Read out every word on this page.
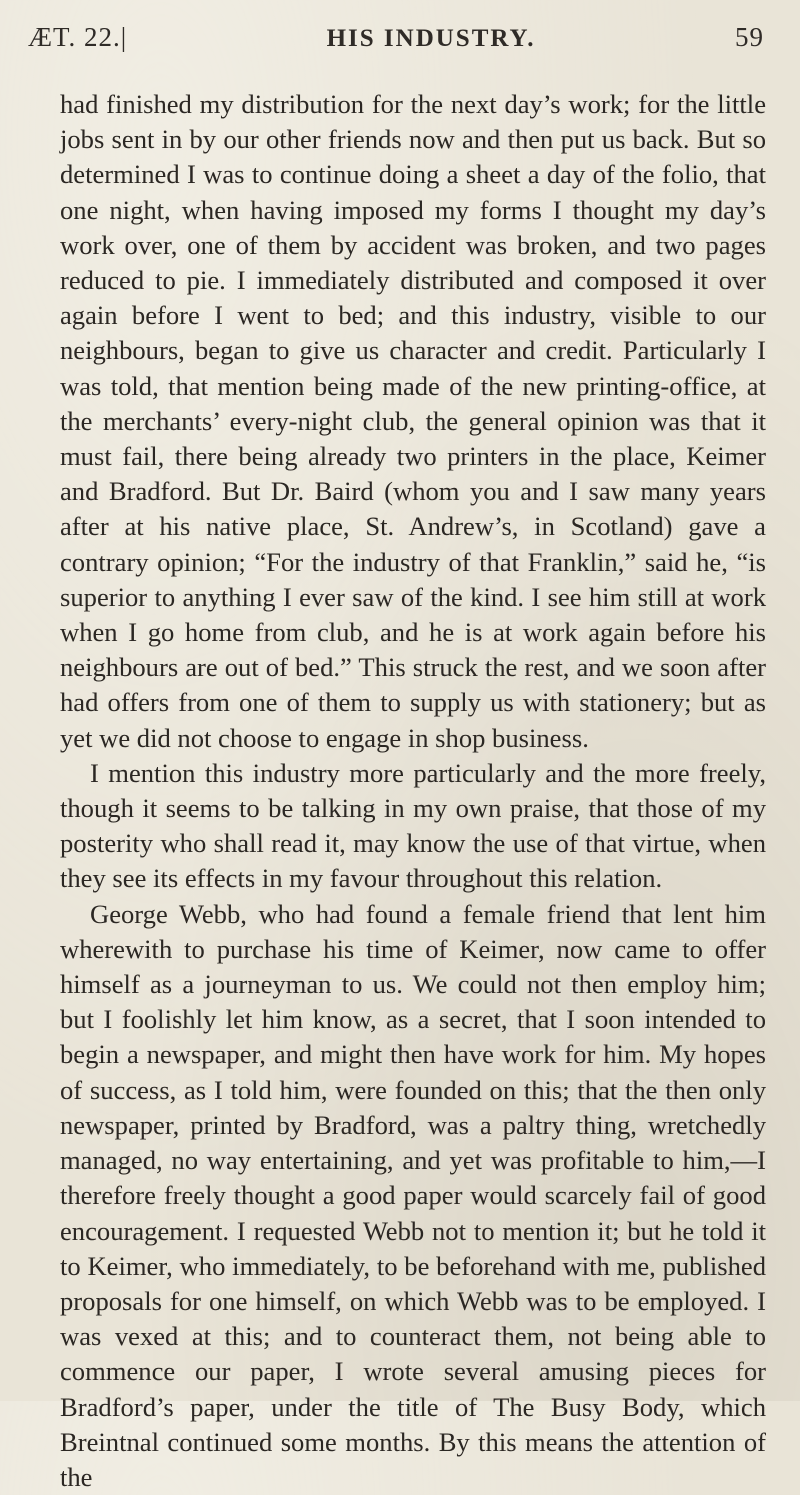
ÆT. 22.|	HIS INDUSTRY.	59

had finished my distribution for the next day’s work; for the little jobs sent in by our other friends now and then put us back. But so determined I was to continue doing a sheet a day of the folio, that one night, when having imposed my forms I thought my day’s work over, one of them by accident was broken, and two pages reduced to pie. I immediately distributed and composed it over again before I went to bed; and this industry, visible to our neighbours, began to give us character and credit. Particularly I was told, that mention being made of the new printing-office, at the merchants’ every-night club, the general opinion was that it must fail, there being already two printers in the place, Keimer and Bradford. But Dr. Baird (whom you and I saw many years after at his native place, St. Andrew’s, in Scotland) gave a contrary opinion; “For the industry of that Franklin,” said he, “is superior to anything I ever saw of the kind. I see him still at work when I go home from club, and he is at work again before his neighbours are out of bed.” This struck the rest, and we soon after had offers from one of them to supply us with stationery; but as yet we did not choose to engage in shop business.

I mention this industry more particularly and the more freely, though it seems to be talking in my own praise, that those of my posterity who shall read it, may know the use of that virtue, when they see its effects in my favour throughout this relation.

George Webb, who had found a female friend that lent him wherewith to purchase his time of Keimer, now came to offer himself as a journeyman to us. We could not then employ him; but I foolishly let him know, as a secret, that I soon intended to begin a newspaper, and might then have work for him. My hopes of success, as I told him, were founded on this; that the then only newspaper, printed by Bradford, was a paltry thing, wretchedly managed, no way entertaining, and yet was profitable to him,—I therefore freely thought a good paper would scarcely fail of good encouragement. I requested Webb not to mention it; but he told it to Keimer, who immediately, to be beforehand with me, published proposals for one himself, on which Webb was to be employed. I was vexed at this; and to counteract them, not being able to commence our paper, I wrote several amusing pieces for Bradford’s paper, under the title of The Busy Body, which Breintnal continued some months. By this means the attention of the
